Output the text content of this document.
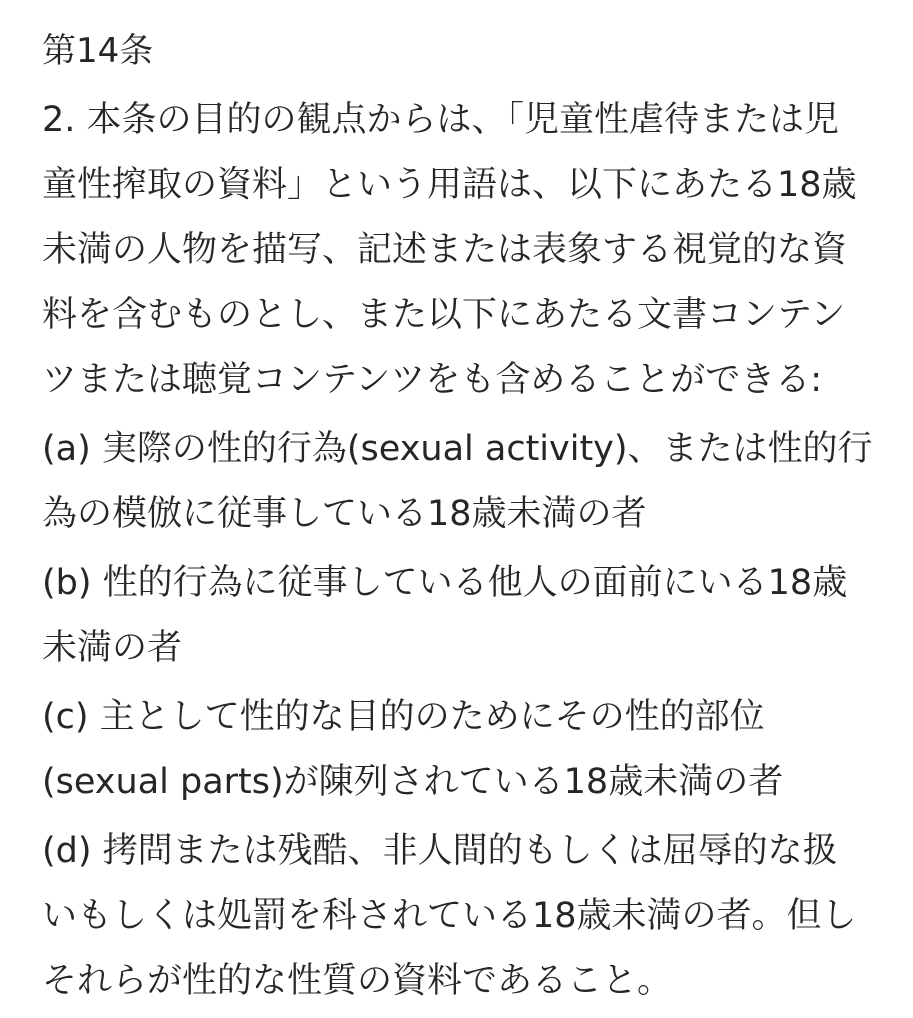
第14条
2. 本条の目的の観点からは、「児童性虐待または児
童性搾取の資料」という用語は、以下にあたる18歳
未満の人物を描写、記述または表象する視覚的な資
料を含むものとし、また以下にあたる文書コンテン
ツまたは聴覚コンテンツをも含めることができる:
(a) 実際の性的行為(sexual activity)、または性的行
為の模倣に従事している18歳未満の者
(b) 性的行為に従事している他人の面前にいる18歳
未満の者
(c) 主として性的な目的のためにその性的部位
(sexual parts)が陳列されている18歳未満の者
(d) 拷問または残酷、非人間的もしくは屈辱的な扱
いもしくは処罰を科されている18歳未満の者。但し
それらが性的な性質の資料であること。
